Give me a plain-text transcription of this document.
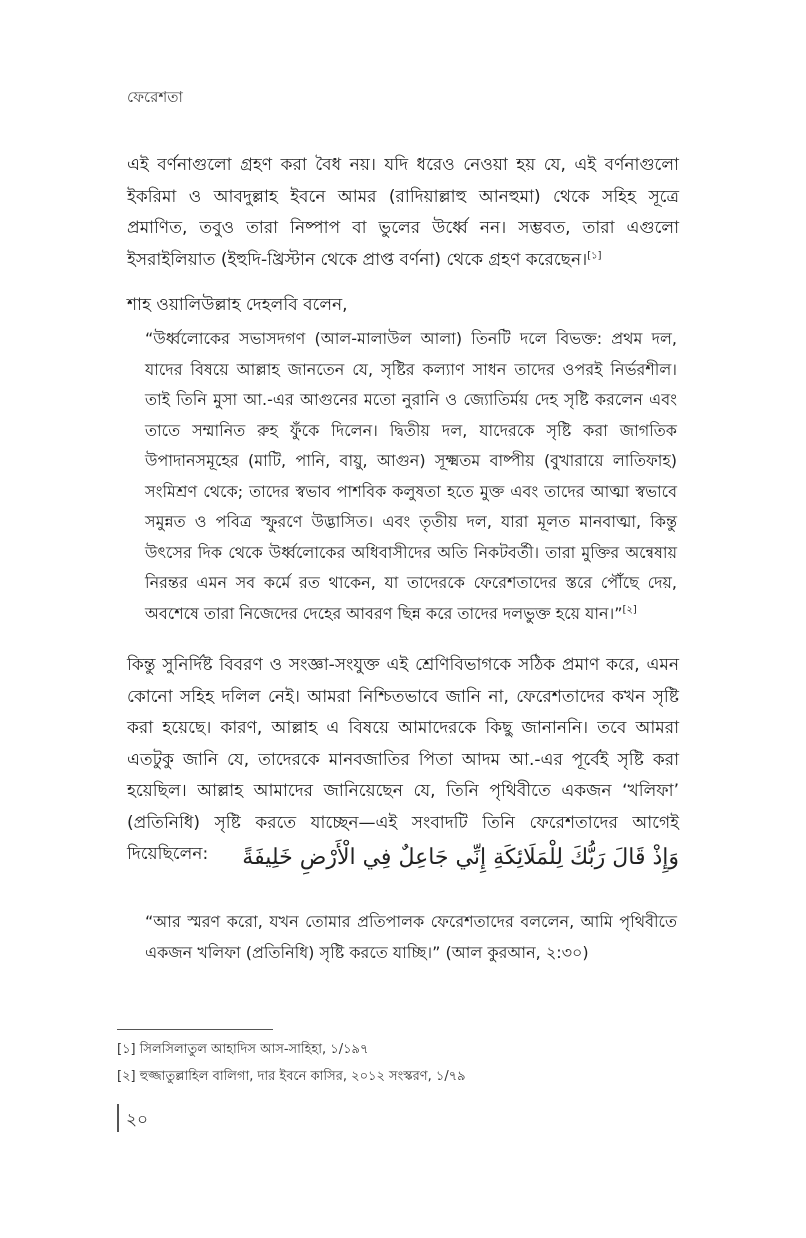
ফেরেশতা

এই বর্ণনাগুলো গ্রহণ করা বৈধ নয়। যদি ধরেও নেওয়া হয় যে, এই বর্ণনাগুলো ইকরিমা ও আবদুল্লাহ ইবনে আমর (রাদিয়াল্লাহু আনহুমা) থেকে সহিহ সূত্রে প্রমাণিত, তবুও তারা নিষ্পাপ বা ভুলের উর্ধ্বে নন। সম্ভবত, তারা এগুলো ইসরাইলিয়াত (ইহুদি-খ্রিস্টান থেকে প্রাপ্ত বর্ণনা) থেকে গ্রহণ করেছেন।[১]

শাহ ওয়ালিউল্লাহ দেহলবি বলেন,

“উর্ধ্বলোকের সভাসদগণ (আল-মালাউল আলা) তিনটি দলে বিভক্ত: প্রথম দল, যাদের বিষয়ে আল্লাহ জানতেন যে, সৃষ্টির কল্যাণ সাধন তাদের ওপরই নির্ভরশীল। তাই তিনি মুসা আ.-এর আগুনের মতো নুরানি ও জ্যোতির্ময় দেহ সৃষ্টি করলেন এবং তাতে সম্মানিত রুহ ফুঁকে দিলেন। দ্বিতীয় দল, যাদেরকে সৃষ্টি করা জাগতিক উপাদানসমূহের (মাটি, পানি, বায়ু, আগুন) সূক্ষ্মতম বাষ্পীয় (বুখারায়ে লাতিফাহ) সংমিশ্রণ থেকে; তাদের স্বভাব পাশবিক কলুষতা হতে মুক্ত এবং তাদের আত্মা স্বভাবে সমুন্নত ও পবিত্র স্ফুরণে উদ্ভাসিত। এবং তৃতীয় দল, যারা মূলত মানবাত্মা, কিন্তু উৎসের দিক থেকে উর্ধ্বলোকের অধিবাসীদের অতি নিকটবর্তী। তারা মুক্তির অন্বেষায় নিরন্তর এমন সব কর্মে রত থাকেন, যা তাদেরকে ফেরেশতাদের স্তরে পৌঁছে দেয়, অবশেষে তারা নিজেদের দেহের আবরণ ছিন্ন করে তাদের দলভুক্ত হয়ে যান।”[২]

কিন্তু সুনির্দিষ্ট বিবরণ ও সংজ্ঞা-সংযুক্ত এই শ্রেণিবিভাগকে সঠিক প্রমাণ করে, এমন কোনো সহিহ দলিল নেই। আমরা নিশ্চিতভাবে জানি না, ফেরেশতাদের কখন সৃষ্টি করা হয়েছে। কারণ, আল্লাহ এ বিষয়ে আমাদেরকে কিছু জানাননি। তবে আমরা এতটুকু জানি যে, তাদেরকে মানবজাতির পিতা আদম আ.-এর পূর্বেই সৃষ্টি করা হয়েছিল। আল্লাহ আমাদের জানিয়েছেন যে, তিনি পৃথিবীতে একজন ‘খলিফা’ (প্রতিনিধি) সৃষ্টি করতে যাচ্ছেন—এই সংবাদটি তিনি ফেরেশতাদের আগেই দিয়েছিলেন:	وَإِذْ قَالَ رَبُّكَ لِلْمَلَائِكَةِ إِنِّي جَاعِلٌ فِي الْأَرْضِ خَلِيفَةً

“আর স্মরণ করো, যখন তোমার প্রতিপালক ফেরেশতাদের বললেন, আমি পৃথিবীতে একজন খলিফা (প্রতিনিধি) সৃষ্টি করতে যাচ্ছি।” (আল কুরআন, ২:৩০)

[১] সিলসিলাতুল আহাদিস আস-সাহিহা, ১/১৯৭
[২] হুজ্জাতুল্লাহিল বালিগা, দার ইবনে কাসির, ২০১২ সংস্করণ, ১/৭৯
২০
